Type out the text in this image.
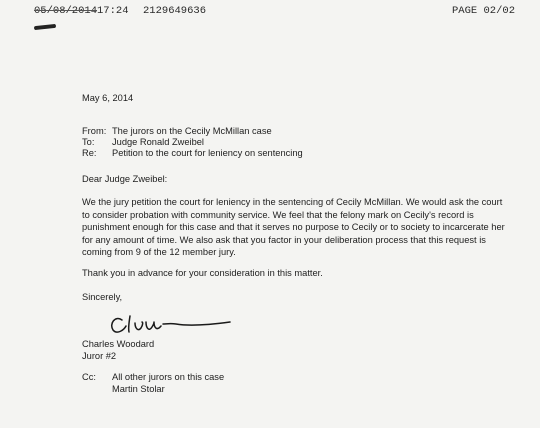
05/08/2014 17:24 2129649636	PAGE 02/02
May 6, 2014
From: The jurors on the Cecily McMillan case
To:	Judge Ronald Zweibel
Re:	Petition to the court for leniency on sentencing
Dear Judge Zweibel:
We the jury petition the court for leniency in the sentencing of Cecily McMillan. We would ask the court to consider probation with community service. We feel that the felony mark on Cecily's record is punishment enough for this case and that it serves no purpose to Cecily or to society to incarcerate her for any amount of time. We also ask that you factor in your deliberation process that this request is coming from 9 of the 12 member jury.
Thank you in advance for your consideration in this matter.
Sincerely,
Charles Woodard
Juror #2
Cc:	All other jurors on this case
Martin Stolar
